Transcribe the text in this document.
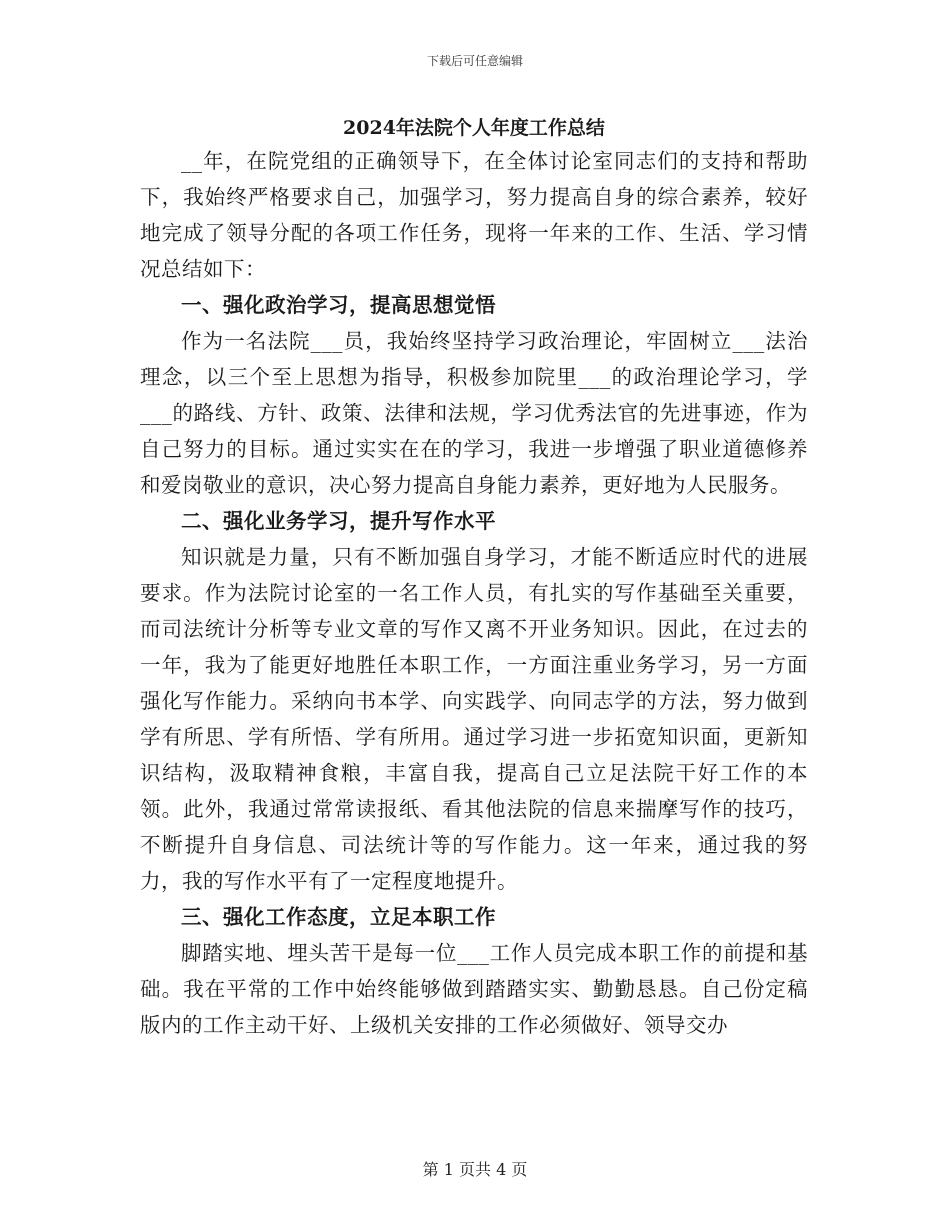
下载后可任意编辑
2024年法院个人年度工作总结

__年，在院党组的正确领导下，在全体讨论室同志们的支持和帮助下，我始终严格要求自己，加强学习，努力提高自身的综合素养，较好地完成了领导分配的各项工作任务，现将一年来的工作、生活、学习情况总结如下：

一、强化政治学习，提高思想觉悟

作为一名法院___员，我始终坚持学习政治理论，牢固树立___法治理念，以三个至上思想为指导，积极参加院里___的政治理论学习，学___的路线、方针、政策、法律和法规，学习优秀法官的先进事迹，作为自己努力的目标。通过实实在在的学习，我进一步增强了职业道德修养和爱岗敬业的意识，决心努力提高自身能力素养，更好地为人民服务。

二、强化业务学习，提升写作水平

知识就是力量，只有不断加强自身学习，才能不断适应时代的进展要求。作为法院讨论室的一名工作人员，有扎实的写作基础至关重要，而司法统计分析等专业文章的写作又离不开业务知识。因此，在过去的一年，我为了能更好地胜任本职工作，一方面注重业务学习，另一方面强化写作能力。采纳向书本学、向实践学、向同志学的方法，努力做到学有所思、学有所悟、学有所用。通过学习进一步拓宽知识面，更新知识结构，汲取精神食粮，丰富自我，提高自己立足法院干好工作的本领。此外，我通过常常读报纸、看其他法院的信息来揣摩写作的技巧，不断提升自身信息、司法统计等的写作能力。这一年来，通过我的努力，我的写作水平有了一定程度地提升。

三、强化工作态度，立足本职工作

脚踏实地、埋头苦干是每一位___工作人员完成本职工作的前提和基础。我在平常的工作中始终能够做到踏踏实实、勤勤恳恳。自己份定稿版内的工作主动干好、上级机关安排的工作必须做好、领导交办

第 1 页共 4 页
